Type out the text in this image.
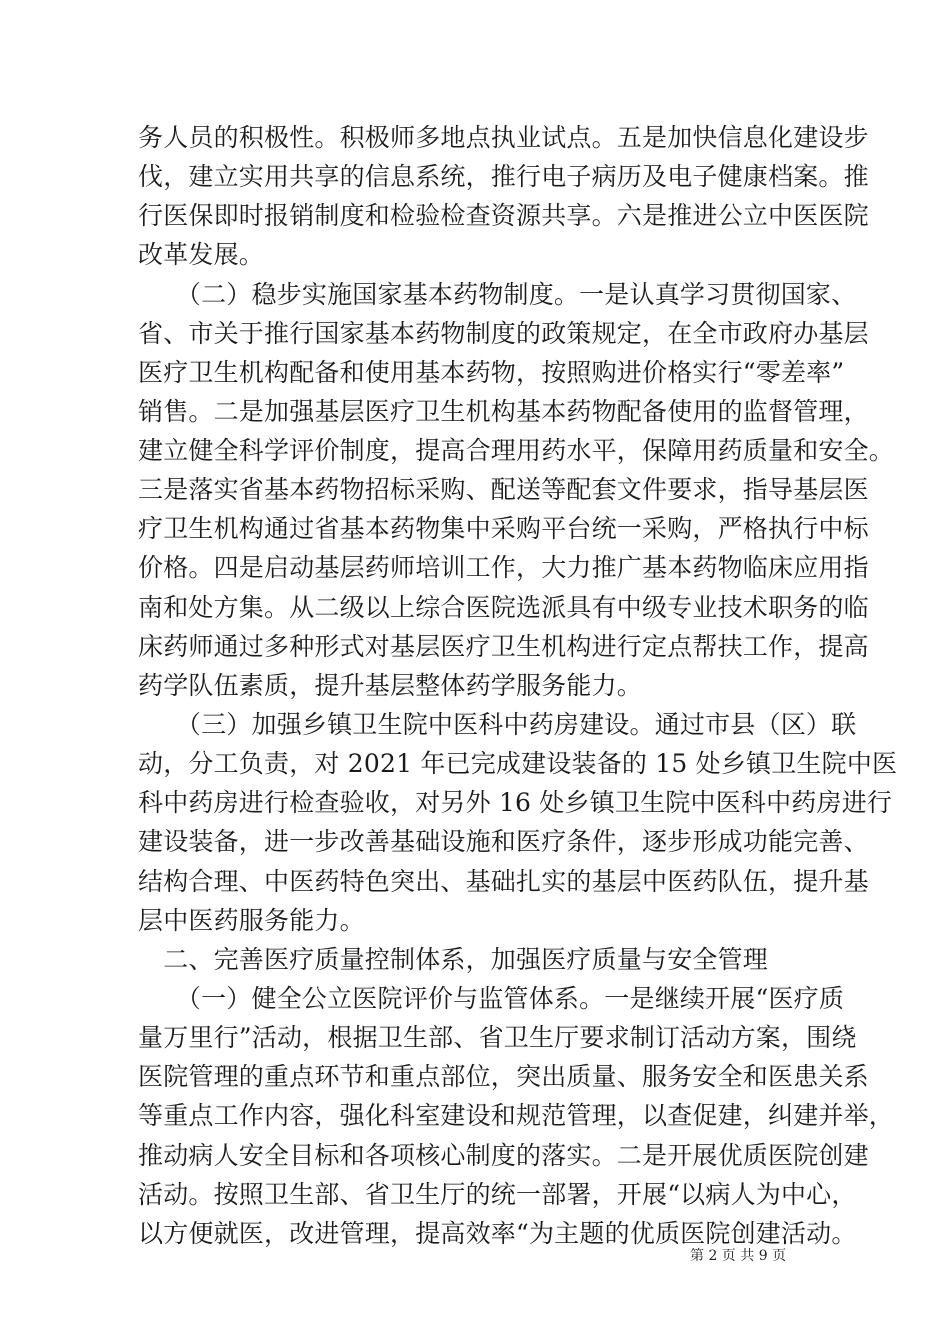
务人员的积极性。积极师多地点执业试点。五是加快信息化建设步
伐，建立实用共享的信息系统，推行电子病历及电子健康档案。推
行医保即时报销制度和检验检查资源共享。六是推进公立中医医院
改革发展。
　　（二）稳步实施国家基本药物制度。一是认真学习贯彻国家、
省、市关于推行国家基本药物制度的政策规定，在全市政府办基层
医疗卫生机构配备和使用基本药物，按照购进价格实行“零差率”
销售。二是加强基层医疗卫生机构基本药物配备使用的监督管理，
建立健全科学评价制度，提高合理用药水平，保障用药质量和安全。
三是落实省基本药物招标采购、配送等配套文件要求，指导基层医
疗卫生机构通过省基本药物集中采购平台统一采购，严格执行中标
价格。四是启动基层药师培训工作，大力推广基本药物临床应用指
南和处方集。从二级以上综合医院选派具有中级专业技术职务的临
床药师通过多种形式对基层医疗卫生机构进行定点帮扶工作，提高
药学队伍素质，提升基层整体药学服务能力。
　　（三）加强乡镇卫生院中医科中药房建设。通过市县（区）联
动，分工负责，对 2021 年已完成建设装备的 15 处乡镇卫生院中医
科中药房进行检查验收，对另外 16 处乡镇卫生院中医科中药房进行
建设装备，进一步改善基础设施和医疗条件，逐步形成功能完善、
结构合理、中医药特色突出、基础扎实的基层中医药队伍，提升基
层中医药服务能力。
　二、完善医疗质量控制体系，加强医疗质量与安全管理
　　（一）健全公立医院评价与监管体系。一是继续开展“医疗质
量万里行”活动，根据卫生部、省卫生厅要求制订活动方案，围绕
医院管理的重点环节和重点部位，突出质量、服务安全和医患关系
等重点工作内容，强化科室建设和规范管理，以查促建，纠建并举，
推动病人安全目标和各项核心制度的落实。二是开展优质医院创建
活动。按照卫生部、省卫生厅的统一部署，开展“以病人为中心，
以方便就医，改进管理，提高效率“为主题的优质医院创建活动。
第 2 页 共 9 页
